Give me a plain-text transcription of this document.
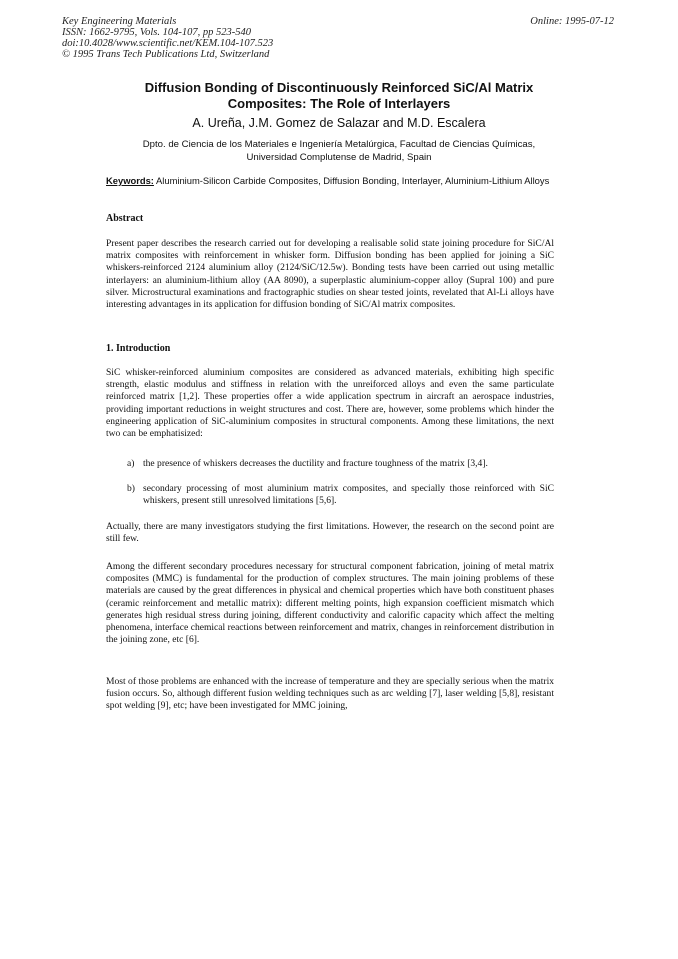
Key Engineering Materials
ISSN: 1662-9795, Vols. 104-107, pp 523-540
doi:10.4028/www.scientific.net/KEM.104-107.523
© 1995 Trans Tech Publications Ltd, Switzerland
Online: 1995-07-12
Diffusion Bonding of Discontinuously Reinforced SiC/Al Matrix
Composites: The Role of Interlayers
A. Ureña, J.M. Gomez de Salazar and M.D. Escalera
Dpto. de Ciencia de los Materiales e Ingeniería Metalúrgica, Facultad de Ciencias Químicas,
Universidad Complutense de Madrid, Spain
Keywords: Aluminium-Silicon Carbide Composites, Diffusion Bonding, Interlayer, Aluminium-Lithium Alloys
Abstract

Present paper describes the research carried out for developing a realisable solid state joining procedure for SiC/Al matrix composites with reinforcement in whisker form. Diffusion bonding has been applied for joining a SiC whiskers-reinforced 2124 aluminium alloy (2124/SiC/12.5w). Bonding tests have been carried out using metallic interlayers: an aluminium-lithium alloy (AA 8090), a superplastic aluminium-copper alloy (Supral 100) and pure silver. Microstructural examinations and fractographic studies on shear tested joints, revelated that Al-Li alloys have interesting advantages in its application for diffusion bonding of SiC/Al matrix composites.

1. Introduction

SiC whisker-reinforced aluminium composites are considered as advanced materials, exhibiting high specific strength, elastic modulus and stiffness in relation with the unreiforced alloys and even the same particulate reinforced matrix [1,2]. These properties offer a wide application spectrum in aircraft an aerospace industries, providing important reductions in weight structures and cost. There are, however, some problems which hinder the engineering application of SiC-aluminium composites in structural components. Among these limitations, the next two can be emphatisized:

a) the presence of whiskers decreases the ductility and fracture toughness of the matrix [3,4].
b) secondary processing of most aluminium matrix composites, and specially those reinforced with SiC whiskers, present still unresolved limitations [5,6].

Actually, there are many investigators studying the first limitations. However, the research on the second point are still few.

Among the different secondary procedures necessary for structural component fabrication, joining of metal matrix composites (MMC) is fundamental for the production of complex structures. The main joining problems of these materials are caused by the great differences in physical and chemical properties which have both constituent phases (ceramic reinforcement and metallic matrix): different melting points, high expansion coefficient mismatch which generates high residual stress during joining, different conductivity and calorific capacity which affect the melting phenomena, interface chemical reactions between reinforcement and matrix, changes in reinforcement distribution in the joining zone, etc [6].

Most of those problems are enhanced with the increase of temperature and they are specially serious when the matrix fusion occurs. So, although different fusion welding techniques such as arc welding [7], laser welding [5,8], resistant spot welding [9], etc; have been investigated for MMC joining,
